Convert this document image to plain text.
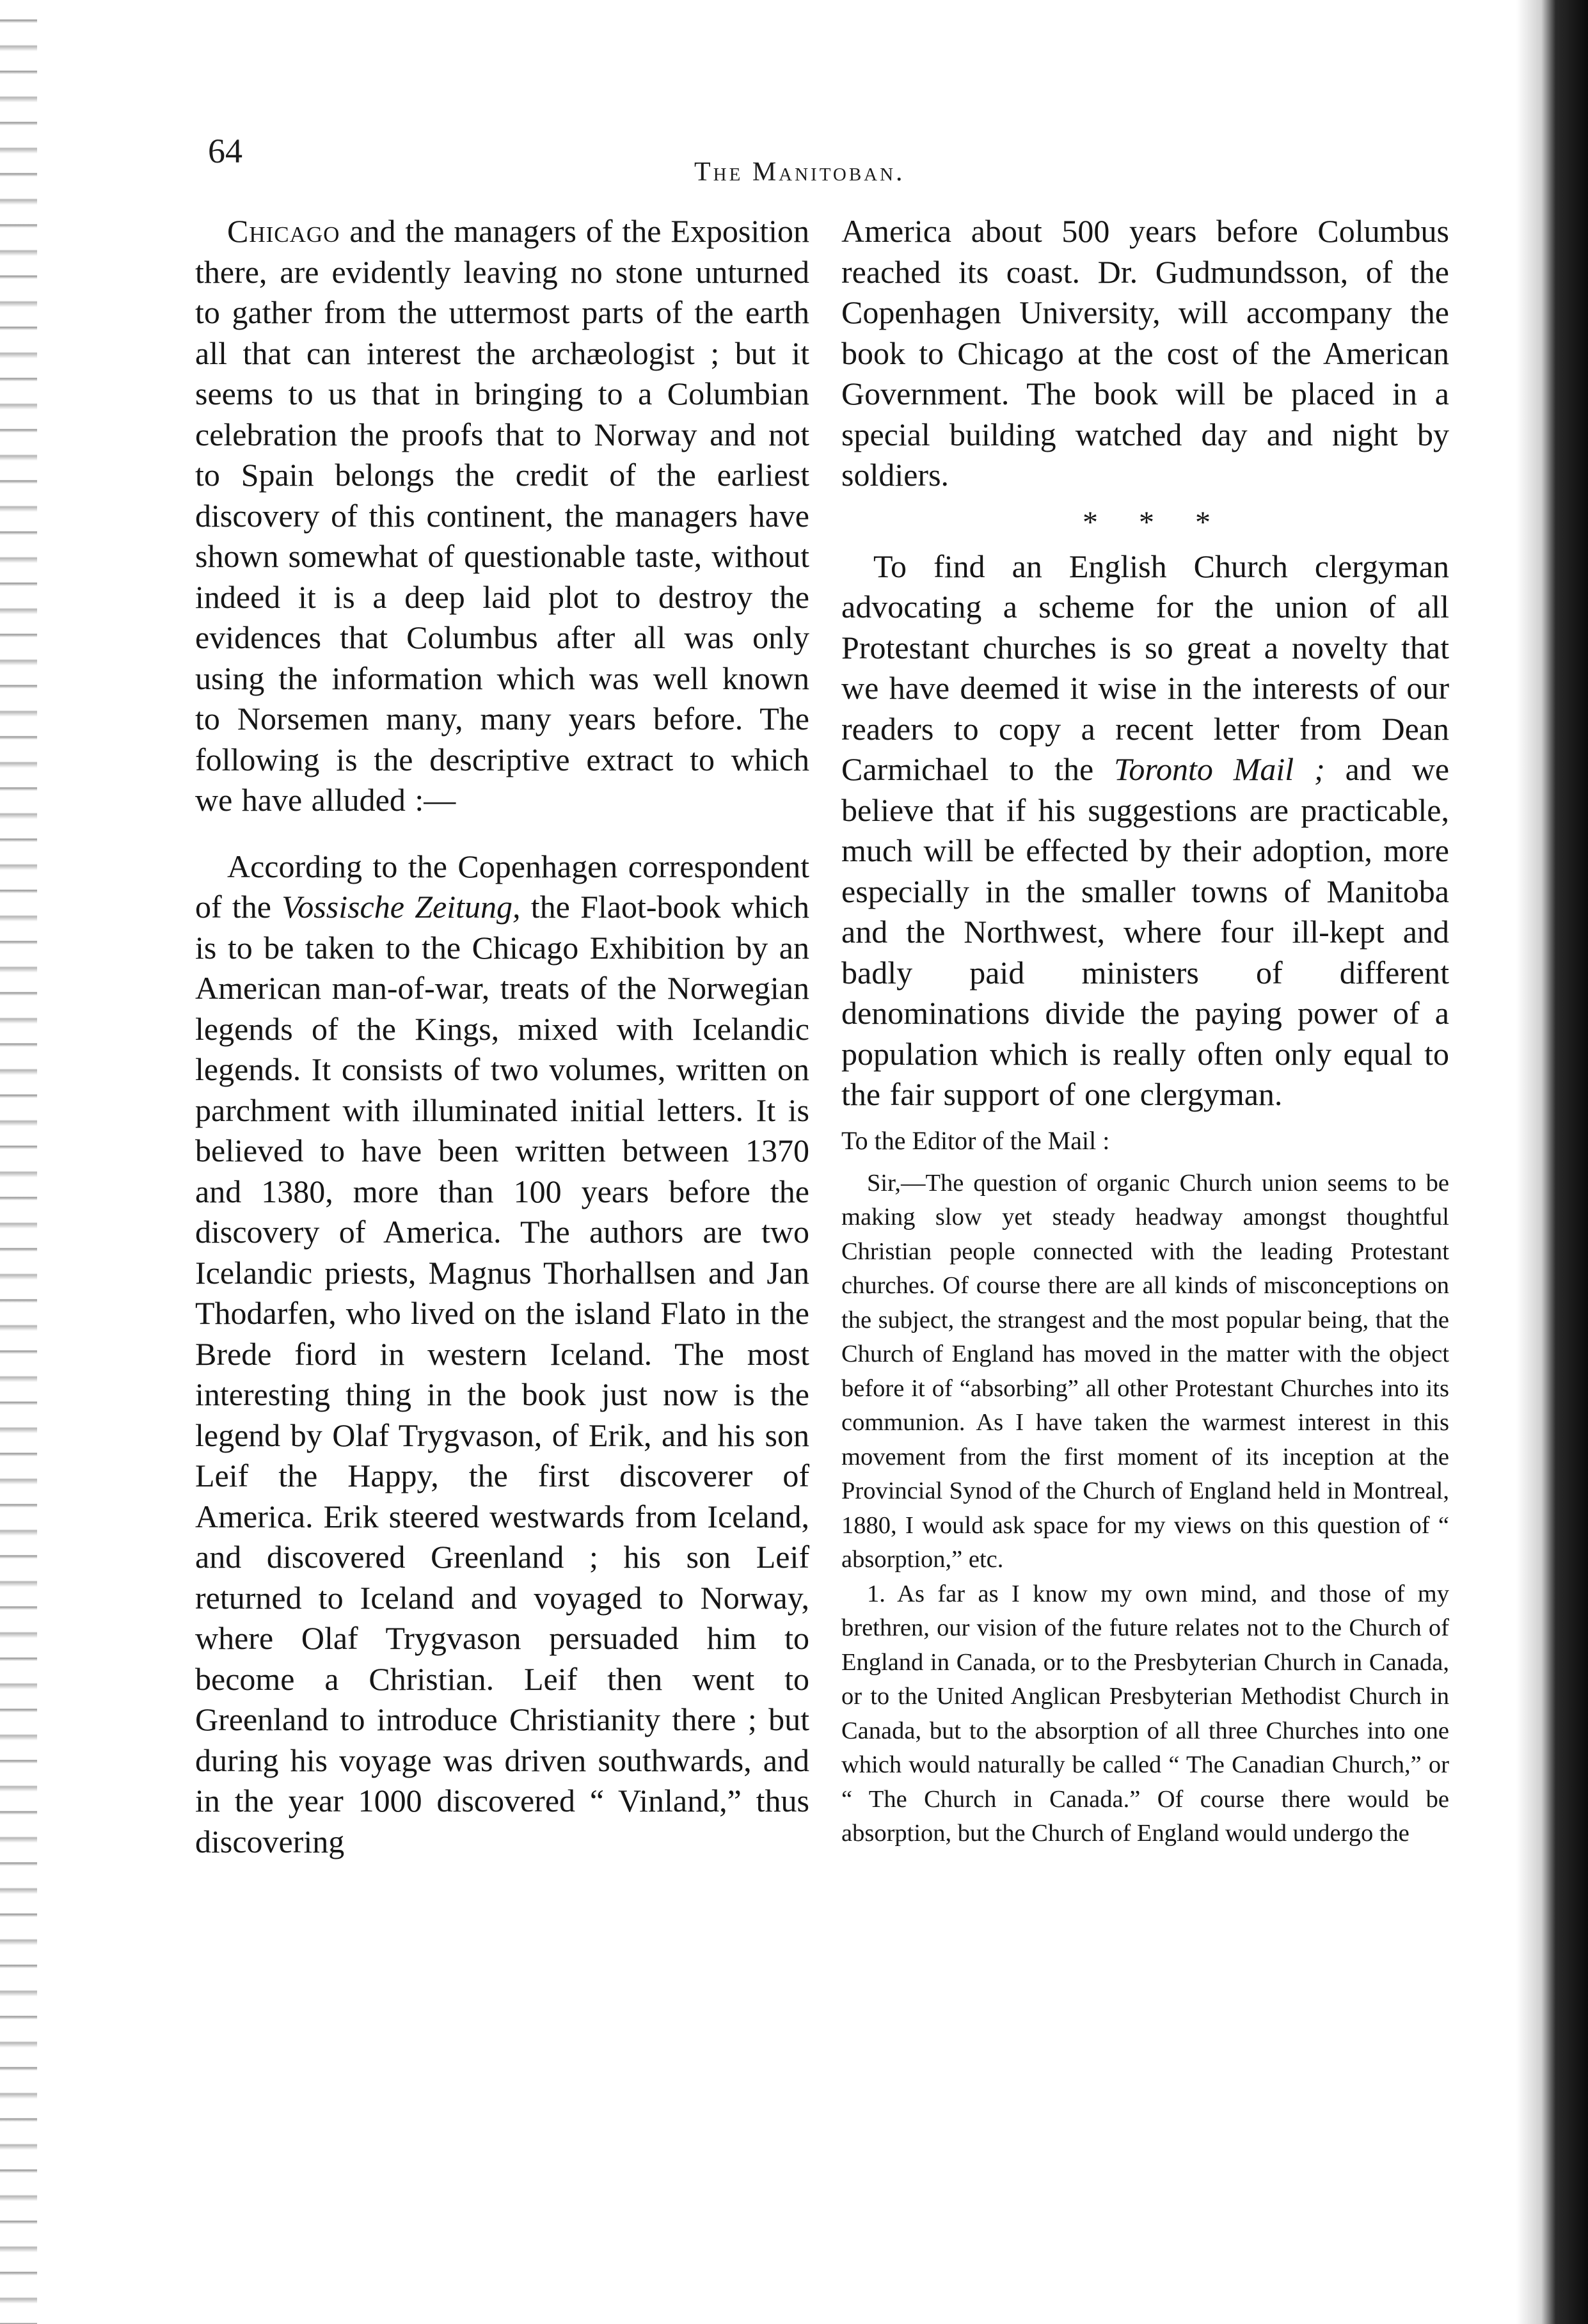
64
The Manitoban.

Chicago and the managers of the Exposition there, are evidently leaving no stone unturned to gather from the uttermost parts of the earth all that can interest the archæologist ; but it seems to us that in bringing to a Columbian celebration the proofs that to Norway and not to Spain belongs the credit of the earliest discovery of this continent, the managers have shown somewhat of questionable taste, without indeed it is a deep laid plot to destroy the evidences that Columbus after all was only using the information which was well known to Norsemen many, many years before. The following is the descriptive extract to which we have alluded :—

According to the Copenhagen correspondent of the Vossische Zeitung, the Flaot-book which is to be taken to the Chicago Exhibition by an American man-of-war, treats of the Norwegian legends of the Kings, mixed with Icelandic legends. It consists of two volumes, written on parchment with illuminated initial letters. It is believed to have been written between 1370 and 1380, more than 100 years before the discovery of America. The authors are two Icelandic priests, Magnus Thorhallsen and Jan Thodarfen, who lived on the island Flato in the Brede fiord in western Iceland. The most interesting thing in the book just now is the legend by Olaf Trygvason, of Erik, and his son Leif the Happy, the first discoverer of America. Erik steered westwards from Iceland, and discovered Greenland ; his son Leif returned to Iceland and voyaged to Norway, where Olaf Trygvason persuaded him to become a Christian. Leif then went to Greenland to introduce Christianity there ; but during his voyage was driven southwards, and in the year 1000 discovered “ Vinland,” thus discovering

America about 500 years before Columbus reached its coast. Dr. Gudmundsson, of the Copenhagen University, will accompany the book to Chicago at the cost of the American Government. The book will be placed in a special building watched day and night by soldiers.

* * *

To find an English Church clergyman advocating a scheme for the union of all Protestant churches is so great a novelty that we have deemed it wise in the interests of our readers to copy a recent letter from Dean Carmichael to the Toronto Mail ; and we believe that if his suggestions are practicable, much will be effected by their adoption, more especially in the smaller towns of Manitoba and the Northwest, where four ill-kept and badly paid ministers of different denominations divide the paying power of a population which is really often only equal to the fair support of one clergyman.

To the Editor of the Mail :

Sir,—The question of organic Church union seems to be making slow yet steady headway amongst thoughtful Christian people connected with the leading Protestant churches. Of course there are all kinds of misconceptions on the subject, the strangest and the most popular being, that the Church of England has moved in the matter with the object before it of “absorbing” all other Protestant Churches into its communion. As I have taken the warmest interest in this movement from the first moment of its inception at the Provincial Synod of the Church of England held in Montreal, 1880, I would ask space for my views on this question of “ absorption,” etc.

1. As far as I know my own mind, and those of my brethren, our vision of the future relates not to the Church of England in Canada, or to the Presbyterian Church in Canada, or to the United Anglican Presbyterian Methodist Church in Canada, but to the absorption of all three Churches into one which would naturally be called “ The Canadian Church,” or “ The Church in Canada.” Of course there would be absorption, but the Church of England would undergo the
